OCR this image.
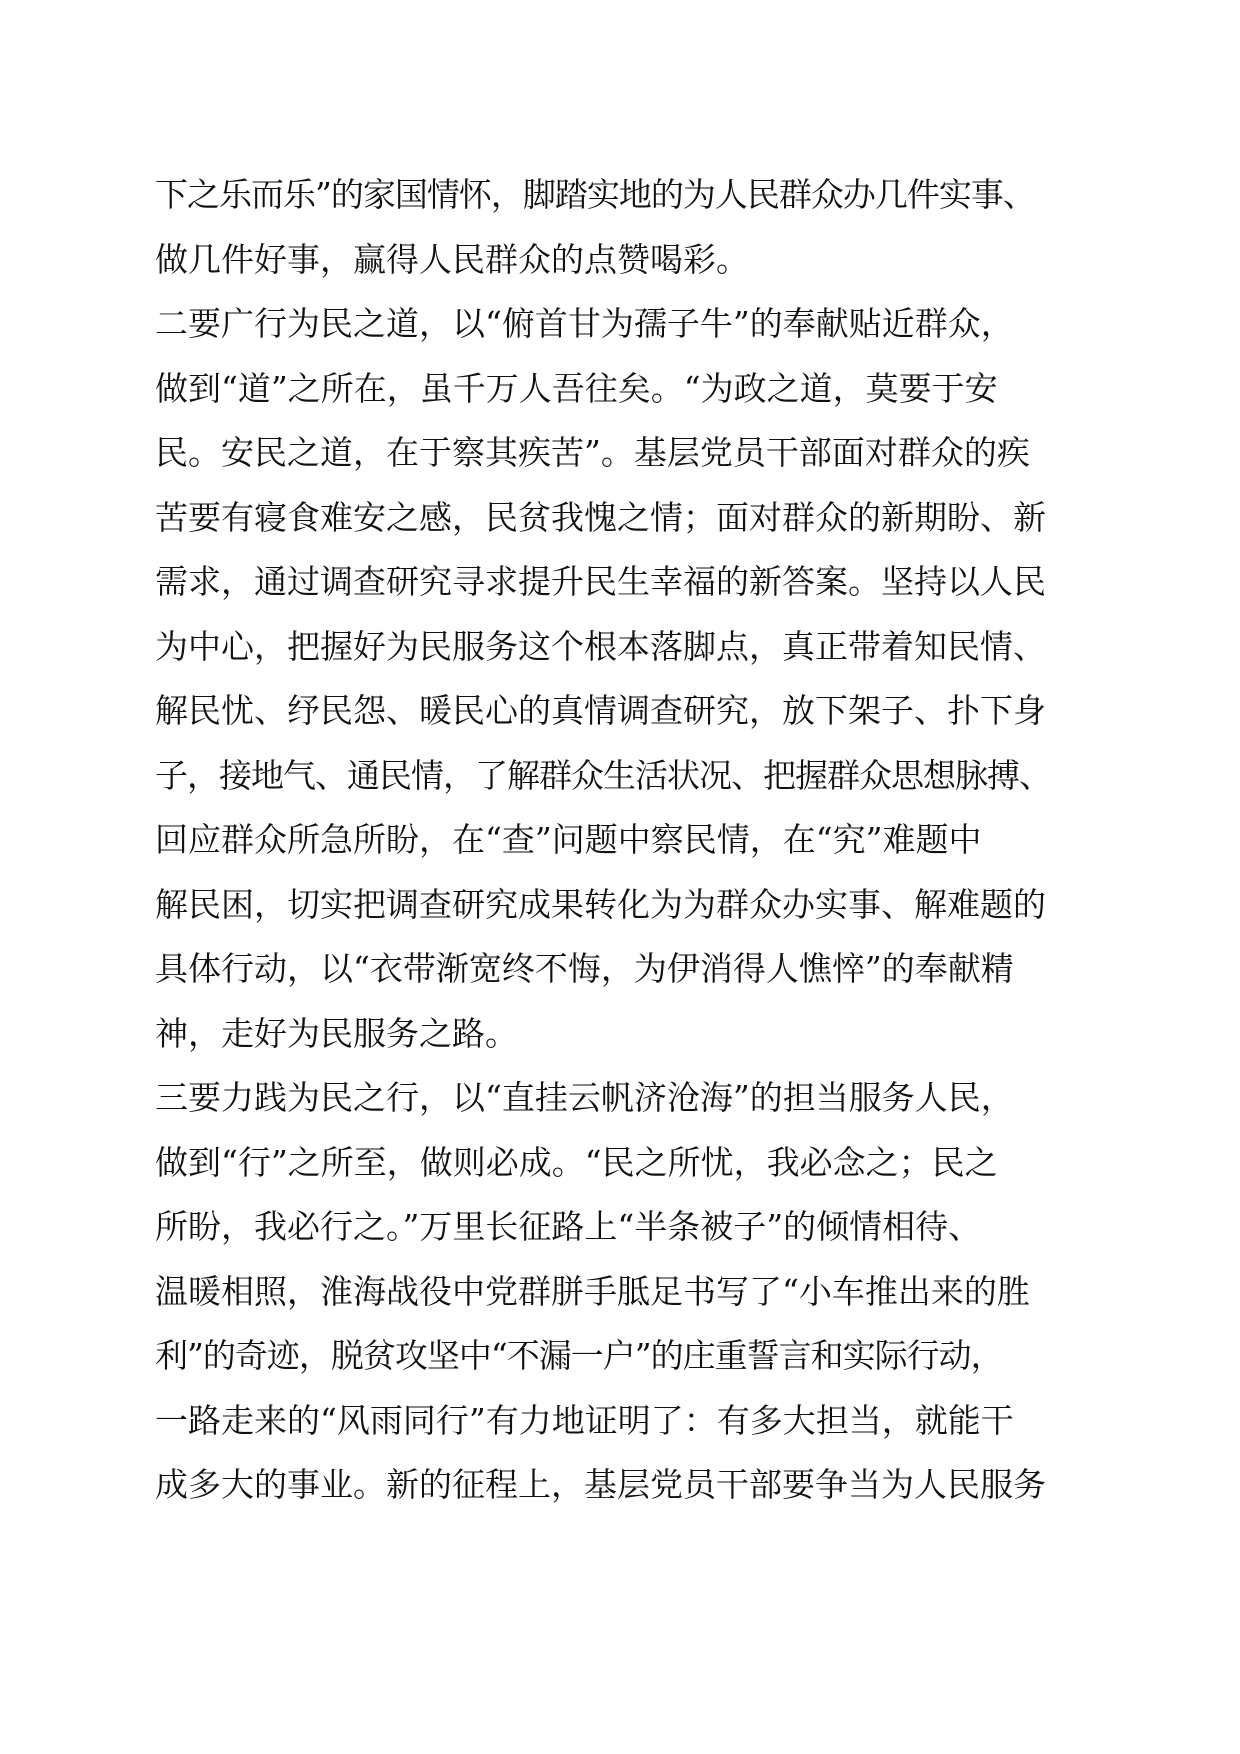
下之乐而乐”的家国情怀，脚踏实地的为人民群众办几件实事、
做几件好事，赢得人民群众的点赞喝彩。
二要广行为民之道，以“俯首甘为孺子牛”的奉献贴近群众，
做到“道”之所在，虽千万人吾往矣。“为政之道，莫要于安
民。安民之道，在于察其疾苦”。基层党员干部面对群众的疾
苦要有寝食难安之感，民贫我愧之情；面对群众的新期盼、新
需求，通过调查研究寻求提升民生幸福的新答案。坚持以人民
为中心，把握好为民服务这个根本落脚点，真正带着知民情、
解民忧、纾民怨、暖民心的真情调查研究，放下架子、扑下身
子，接地气、通民情，了解群众生活状况、把握群众思想脉搏、
回应群众所急所盼，在“查”问题中察民情，在“究”难题中
解民困，切实把调查研究成果转化为为群众办实事、解难题的
具体行动，以“衣带渐宽终不悔，为伊消得人憔悴”的奉献精
神，走好为民服务之路。
三要力践为民之行，以“直挂云帆济沧海”的担当服务人民，
做到“行”之所至，做则必成。“民之所忧，我必念之；民之
所盼，我必行之。”万里长征路上“半条被子”的倾情相待、
温暖相照，淮海战役中党群胼手胝足书写了“小车推出来的胜
利”的奇迹，脱贫攻坚中“不漏一户”的庄重誓言和实际行动，
一路走来的“风雨同行”有力地证明了：有多大担当，就能干
成多大的事业。新的征程上，基层党员干部要争当为人民服务
